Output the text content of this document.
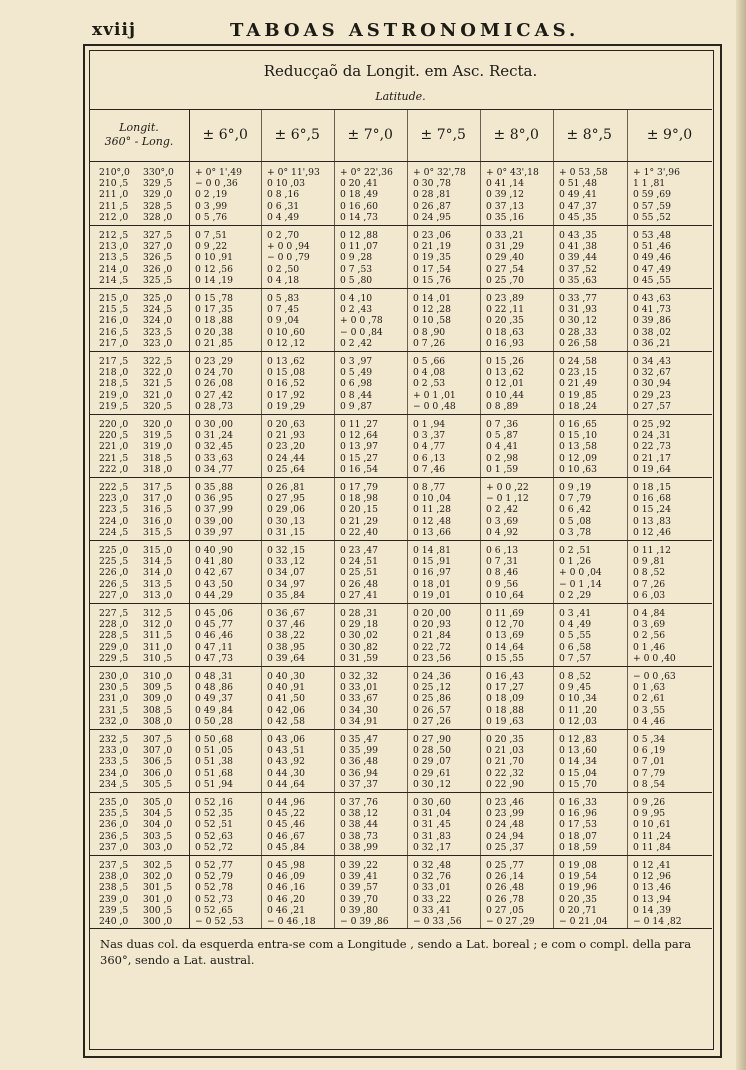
xviij	TABOAS ASTRONOMICAS.
Reducçaõ da Longit. em Asc. Recta.
Latitude.
Longit.
360° - Long.	± 6°,0	± 6°,5	± 7°,0	± 7°,5	± 8°,0	± 8°,5	± 9°,0
210°,0	330°,0	+ 0° 1',49	+ 0° 11',93	+ 0° 22',36	+ 0° 32',78	+ 0° 43',18	+ 0 53 ,58	+ 1° 3',96
210 ,5	329 ,5	− 0 0 ,36	0 10 ,03	0 20 ,41	0 30 ,78	0 41 ,14	0 51 ,48	1 1 ,81
211 ,0	329 ,0	0 2 ,19	0 8 ,16	0 18 ,49	0 28 ,81	0 39 ,12	0 49 ,41	0 59 ,69
211 ,5	328 ,5	0 3 ,99	0 6 ,31	0 16 ,60	0 26 ,87	0 37 ,13	0 47 ,37	0 57 ,59
212 ,0	328 ,0	0 5 ,76	0 4 ,49	0 14 ,73	0 24 ,95	0 35 ,16	0 45 ,35	0 55 ,52
212 ,5	327 ,5	0 7 ,51	0 2 ,70	0 12 ,88	0 23 ,06	0 33 ,21	0 43 ,35	0 53 ,48
213 ,0	327 ,0	0 9 ,22	+ 0 0 ,94	0 11 ,07	0 21 ,19	0 31 ,29	0 41 ,38	0 51 ,46
213 ,5	326 ,5	0 10 ,91	− 0 0 ,79	0 9 ,28	0 19 ,35	0 29 ,40	0 39 ,44	0 49 ,46
214 ,0	326 ,0	0 12 ,56	0 2 ,50	0 7 ,53	0 17 ,54	0 27 ,54	0 37 ,52	0 47 ,49
214 ,5	325 ,5	0 14 ,19	0 4 ,18	0 5 ,80	0 15 ,76	0 25 ,70	0 35 ,63	0 45 ,55
215 ,0	325 ,0	0 15 ,78	0 5 ,83	0 4 ,10	0 14 ,01	0 23 ,89	0 33 ,77	0 43 ,63
215 ,5	324 ,5	0 17 ,35	0 7 ,45	0 2 ,43	0 12 ,28	0 22 ,11	0 31 ,93	0 41 ,73
216 ,0	324 ,0	0 18 ,88	0 9 ,04	+ 0 0 ,78	0 10 ,58	0 20 ,35	0 30 ,12	0 39 ,86
216 ,5	323 ,5	0 20 ,38	0 10 ,60	− 0 0 ,84	0 8 ,90	0 18 ,63	0 28 ,33	0 38 ,02
217 ,0	323 ,0	0 21 ,85	0 12 ,12	0 2 ,42	0 7 ,26	0 16 ,93	0 26 ,58	0 36 ,21
217 ,5	322 ,5	0 23 ,29	0 13 ,62	0 3 ,97	0 5 ,66	0 15 ,26	0 24 ,58	0 34 ,43
218 ,0	322 ,0	0 24 ,70	0 15 ,08	0 5 ,49	0 4 ,08	0 13 ,62	0 23 ,15	0 32 ,67
218 ,5	321 ,5	0 26 ,08	0 16 ,52	0 6 ,98	0 2 ,53	0 12 ,01	0 21 ,49	0 30 ,94
219 ,0	321 ,0	0 27 ,42	0 17 ,92	0 8 ,44	+ 0 1 ,01	0 10 ,44	0 19 ,85	0 29 ,23
219 ,5	320 ,5	0 28 ,73	0 19 ,29	0 9 ,87	− 0 0 ,48	0 8 ,89	0 18 ,24	0 27 ,57
220 ,0	320 ,0	0 30 ,00	0 20 ,63	0 11 ,27	0 1 ,94	0 7 ,36	0 16 ,65	0 25 ,92
220 ,5	319 ,5	0 31 ,24	0 21 ,93	0 12 ,64	0 3 ,37	0 5 ,87	0 15 ,10	0 24 ,31
221 ,0	319 ,0	0 32 ,45	0 23 ,20	0 13 ,97	0 4 ,77	0 4 ,41	0 13 ,58	0 22 ,73
221 ,5	318 ,5	0 33 ,63	0 24 ,44	0 15 ,27	0 6 ,13	0 2 ,98	0 12 ,09	0 21 ,17
222 ,0	318 ,0	0 34 ,77	0 25 ,64	0 16 ,54	0 7 ,46	0 1 ,59	0 10 ,63	0 19 ,64
222 ,5	317 ,5	0 35 ,88	0 26 ,81	0 17 ,79	0 8 ,77	+ 0 0 ,22	0 9 ,19	0 18 ,15
223 ,0	317 ,0	0 36 ,95	0 27 ,95	0 18 ,98	0 10 ,04	− 0 1 ,12	0 7 ,79	0 16 ,68
223 ,5	316 ,5	0 37 ,99	0 29 ,06	0 20 ,15	0 11 ,28	0 2 ,42	0 6 ,42	0 15 ,24
224 ,0	316 ,0	0 39 ,00	0 30 ,13	0 21 ,29	0 12 ,48	0 3 ,69	0 5 ,08	0 13 ,83
224 ,5	315 ,5	0 39 ,97	0 31 ,15	0 22 ,40	0 13 ,66	0 4 ,92	0 3 ,78	0 12 ,46
225 ,0	315 ,0	0 40 ,90	0 32 ,15	0 23 ,47	0 14 ,81	0 6 ,13	0 2 ,51	0 11 ,12
225 ,5	314 ,5	0 41 ,80	0 33 ,12	0 24 ,51	0 15 ,91	0 7 ,31	0 1 ,26	0 9 ,81
226 ,0	314 ,0	0 42 ,67	0 34 ,07	0 25 ,51	0 16 ,97	0 8 ,46	+ 0 0 ,04	0 8 ,52
226 ,5	313 ,5	0 43 ,50	0 34 ,97	0 26 ,48	0 18 ,01	0 9 ,56	− 0 1 ,14	0 7 ,26
227 ,0	313 ,0	0 44 ,29	0 35 ,84	0 27 ,41	0 19 ,01	0 10 ,64	0 2 ,29	0 6 ,03
227 ,5	312 ,5	0 45 ,06	0 36 ,67	0 28 ,31	0 20 ,00	0 11 ,69	0 3 ,41	0 4 ,84
228 ,0	312 ,0	0 45 ,77	0 37 ,46	0 29 ,18	0 20 ,93	0 12 ,70	0 4 ,49	0 3 ,69
228 ,5	311 ,5	0 46 ,46	0 38 ,22	0 30 ,02	0 21 ,84	0 13 ,69	0 5 ,55	0 2 ,56
229 ,0	311 ,0	0 47 ,11	0 38 ,95	0 30 ,82	0 22 ,72	0 14 ,64	0 6 ,58	0 1 ,46
229 ,5	310 ,5	0 47 ,73	0 39 ,64	0 31 ,59	0 23 ,56	0 15 ,55	0 7 ,57	+ 0 0 ,40
230 ,0	310 ,0	0 48 ,31	0 40 ,30	0 32 ,32	0 24 ,36	0 16 ,43	0 8 ,52	− 0 0 ,63
230 ,5	309 ,5	0 48 ,86	0 40 ,91	0 33 ,01	0 25 ,12	0 17 ,27	0 9 ,45	0 1 ,63
231 ,0	309 ,0	0 49 ,37	0 41 ,50	0 33 ,67	0 25 ,86	0 18 ,09	0 10 ,34	0 2 ,61
231 ,5	308 ,5	0 49 ,84	0 42 ,06	0 34 ,30	0 26 ,57	0 18 ,88	0 11 ,20	0 3 ,55
232 ,0	308 ,0	0 50 ,28	0 42 ,58	0 34 ,91	0 27 ,26	0 19 ,63	0 12 ,03	0 4 ,46
232 ,5	307 ,5	0 50 ,68	0 43 ,06	0 35 ,47	0 27 ,90	0 20 ,35	0 12 ,83	0 5 ,34
233 ,0	307 ,0	0 51 ,05	0 43 ,51	0 35 ,99	0 28 ,50	0 21 ,03	0 13 ,60	0 6 ,19
233 ,5	306 ,5	0 51 ,38	0 43 ,92	0 36 ,48	0 29 ,07	0 21 ,70	0 14 ,34	0 7 ,01
234 ,0	306 ,0	0 51 ,68	0 44 ,30	0 36 ,94	0 29 ,61	0 22 ,32	0 15 ,04	0 7 ,79
234 ,5	305 ,5	0 51 ,94	0 44 ,64	0 37 ,37	0 30 ,12	0 22 ,90	0 15 ,70	0 8 ,54
235 ,0	305 ,0	0 52 ,16	0 44 ,96	0 37 ,76	0 30 ,60	0 23 ,46	0 16 ,33	0 9 ,26
235 ,5	304 ,5	0 52 ,35	0 45 ,22	0 38 ,12	0 31 ,04	0 23 ,99	0 16 ,96	0 9 ,95
236 ,0	304 ,0	0 52 ,51	0 45 ,46	0 38 ,44	0 31 ,45	0 24 ,48	0 17 ,53	0 10 ,61
236 ,5	303 ,5	0 52 ,63	0 46 ,67	0 38 ,73	0 31 ,83	0 24 ,94	0 18 ,07	0 11 ,24
237 ,0	303 ,0	0 52 ,72	0 45 ,84	0 38 ,99	0 32 ,17	0 25 ,37	0 18 ,59	0 11 ,84
237 ,5	302 ,5	0 52 ,77	0 45 ,98	0 39 ,22	0 32 ,48	0 25 ,77	0 19 ,08	0 12 ,41
238 ,0	302 ,0	0 52 ,79	0 46 ,09	0 39 ,41	0 32 ,76	0 26 ,14	0 19 ,54	0 12 ,96
238 ,5	301 ,5	0 52 ,78	0 46 ,16	0 39 ,57	0 33 ,01	0 26 ,48	0 19 ,96	0 13 ,46
239 ,0	301 ,0	0 52 ,73	0 46 ,20	0 39 ,70	0 33 ,22	0 26 ,78	0 20 ,35	0 13 ,94
239 ,5	300 ,5	0 52 ,65	0 46 ,21	0 39 ,80	0 33 ,41	0 27 ,05	0 20 ,71	0 14 ,39
240 ,0	300 ,0	− 0 52 ,53	− 0 46 ,18	− 0 39 ,86	− 0 33 ,56	− 0 27 ,29	− 0 21 ,04	− 0 14 ,82
Nas duas col. da esquerda entra-se com a Longitude , sendo a Lat. boreal ; e com o compl. della para 360°, sendo a Lat. austral.
